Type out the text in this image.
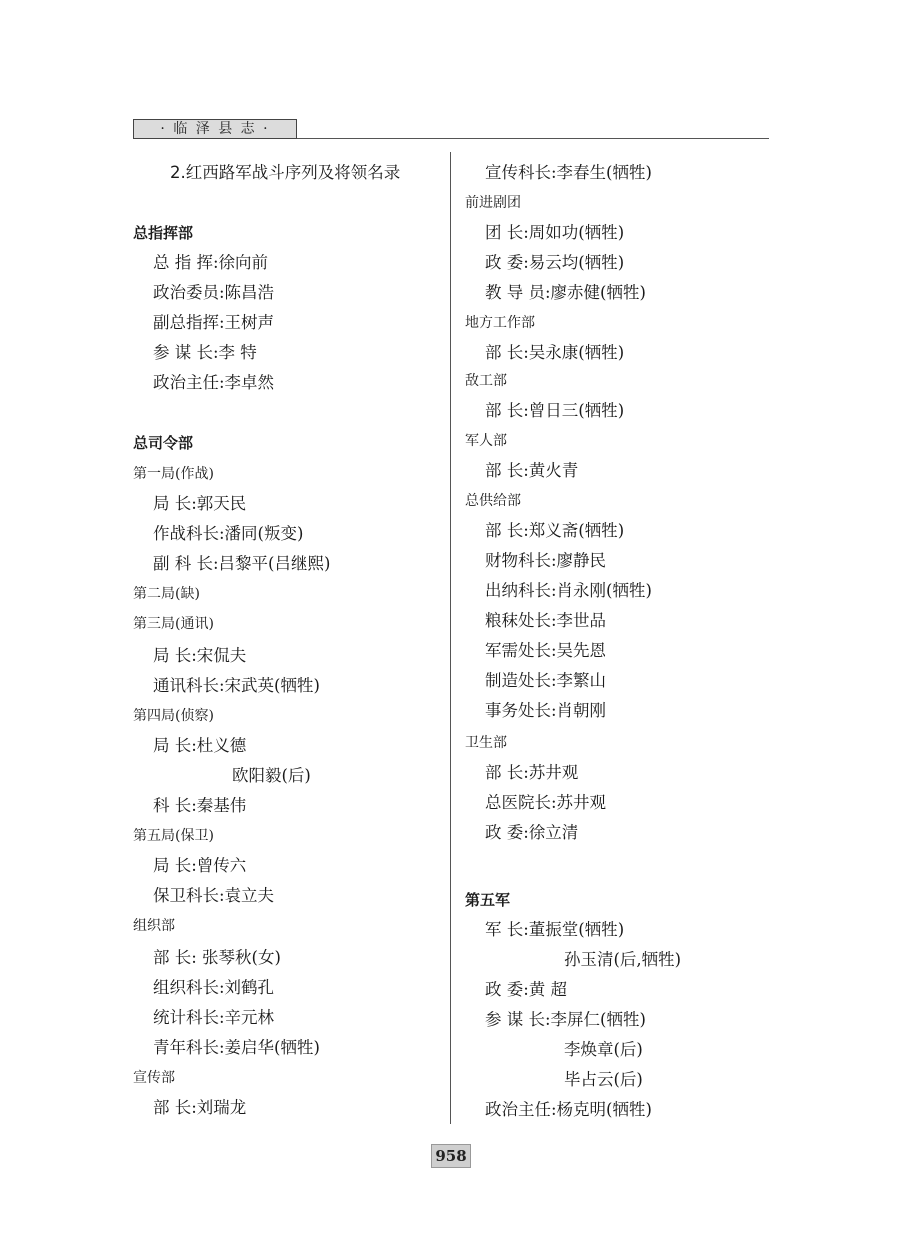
· 临 泽 县 志 ·
2.红西路军战斗序列及将领名录
总指挥部
总 指 挥:徐向前
政治委员:陈昌浩
副总指挥:王树声
参 谋 长:李 特
政治主任:李卓然
总司令部
第一局(作战)
局 长:郭天民
作战科长:潘同(叛变)
副 科 长:吕黎平(吕继熙)
第二局(缺)
第三局(通讯)
局 长:宋侃夫
通讯科长:宋武英(牺牲)
第四局(侦察)
局 长:杜义德
欧阳毅(后)
科 长:秦基伟
第五局(保卫)
局 长:曾传六
保卫科长:袁立夫
组织部
部 长: 张琴秋(女)
组织科长:刘鹤孔
统计科长:辛元林
青年科长:姜启华(牺牲)
宣传部
部 长:刘瑞龙
宣传科长:李春生(牺牲)
前进剧团
团 长:周如功(牺牲)
政 委:易云均(牺牲)
教 导 员:廖赤健(牺牲)
地方工作部
部 长:吴永康(牺牲)
敌工部
部 长:曾日三(牺牲)
军人部
部 长:黄火青
总供给部
部 长:郑义斋(牺牲)
财物科长:廖静民
出纳科长:肖永刚(牺牲)
粮秣处长:李世品
军需处长:吴先恩
制造处长:李繁山
事务处长:肖朝刚
卫生部
部 长:苏井观
总医院长:苏井观
政 委:徐立清
第五军
军 长:董振堂(牺牲)
孙玉清(后,牺牲)
政 委:黄 超
参 谋 长:李屏仁(牺牲)
李焕章(后)
毕占云(后)
政治主任:杨克明(牺牲)
958
